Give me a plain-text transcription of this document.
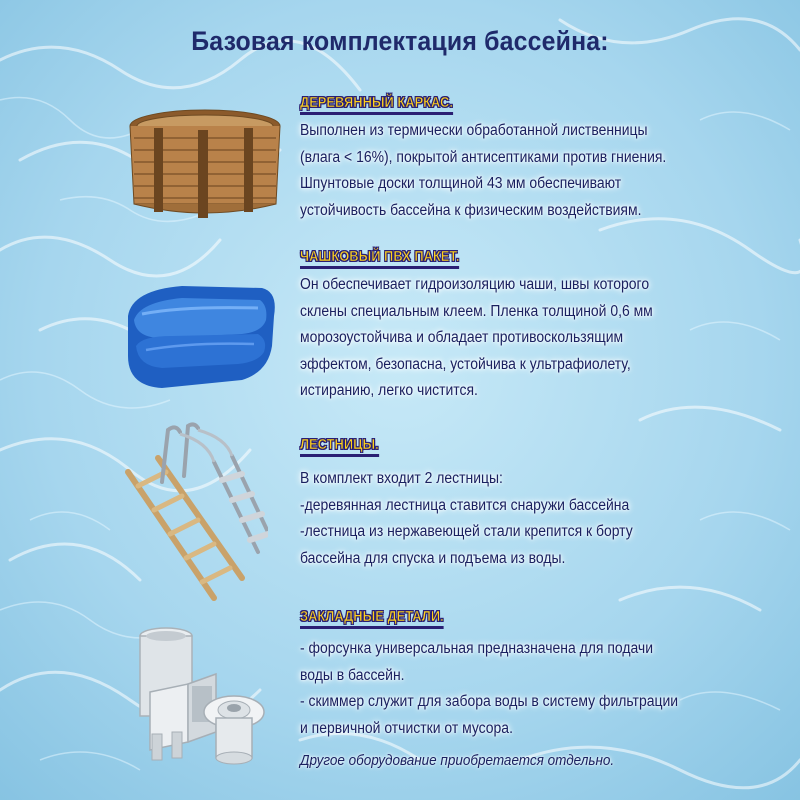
Базовая комплектация бассейна:
ДЕРЕВЯННЫЙ КАРКАС.
Выполнен из термически обработанной лиственницы
(влага < 16%), покрытой антисептиками против гниения.
Шпунтовые доски толщиной 43 мм обеспечивают
устойчивость бассейна к физическим воздействиям.
ЧАШКОВЫЙ ПВХ ПАКЕТ.
Он обеспечивает гидроизоляцию чаши, швы которого
склены специальным клеем. Пленка толщиной 0,6 мм
морозоустойчива и обладает противоскользящим
эффектом, безопасна, устойчива к ультрафиолету,
истиранию, легко чистится.
ЛЕСТНИЦЫ.
В комплект входит 2 лестницы:
-деревянная лестница ставится снаружи бассейна
-лестница из нержавеющей стали крепится к борту
бассейна для спуска и подъема из воды.
ЗАКЛАДНЫЕ ДЕТАЛИ.
- форсунка универсальная предназначена для подачи
воды в бассейн.
- скиммер служит для забора воды в систему фильтрации
и первичной отчистки от мусора.
Другое оборудование приобретается отдельно.
